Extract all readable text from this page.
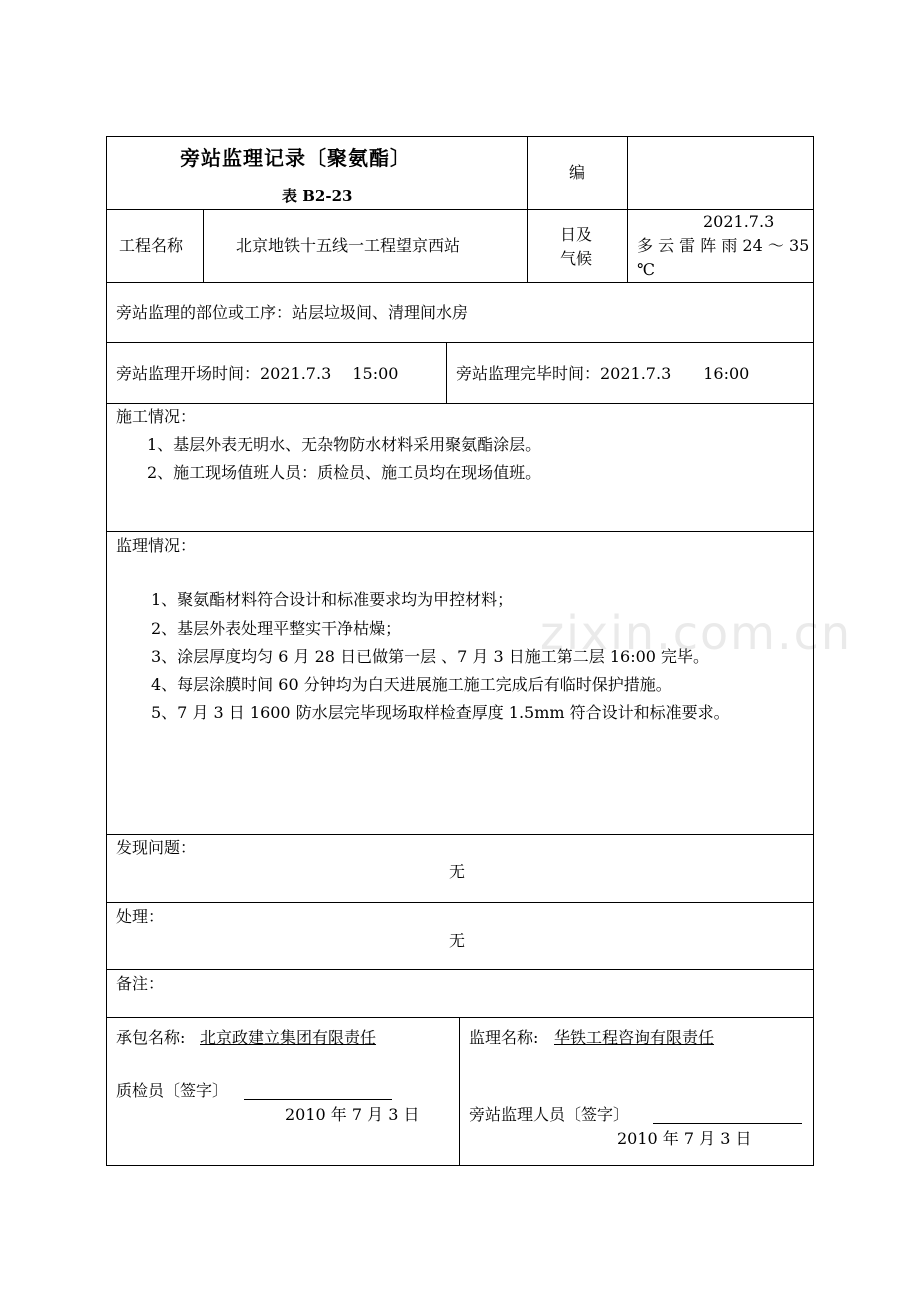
zixin.com.cn
旁站监理记录〔聚氨酯〕
表 B2-23
编
工程名称	北京地铁十五线一工程望京西站
日及
气候
2021.7.3
多 云 雷 阵 雨 24 ～ 35
℃
旁站监理的部位或工序：站层垃圾间、清理间水房
旁站监理开场时间：2021.7.3　 15:00	旁站监理完毕时间：2021.7.3　　16:00
施工情况：
1、基层外表无明水、无杂物防水材料采用聚氨酯涂层。
2、施工现场值班人员：质检员、施工员均在现场值班。
监理情况：
1、聚氨酯材料符合设计和标准要求均为甲控材料；
2、基层外表处理平整实干净枯燥；
3、涂层厚度均匀 6 月 28 日已做第一层 、7 月 3 日施工第二层 16:00 完毕。
4、每层涂膜时间 60 分钟均为白天进展施工施工完成后有临时保护措施。
5、7 月 3 日 1600 防水层完毕现场取样检查厚度 1.5mm 符合设计和标准要求。
发现问题：
无
处理：
无
备注：
承包名称: 北京政建立集团有限责任
质检员〔签字〕
2010 年 7 月 3 日
监理名称:　 华铁工程咨询有限责任
旁站监理人员〔签字〕
2010 年 7 月 3 日
